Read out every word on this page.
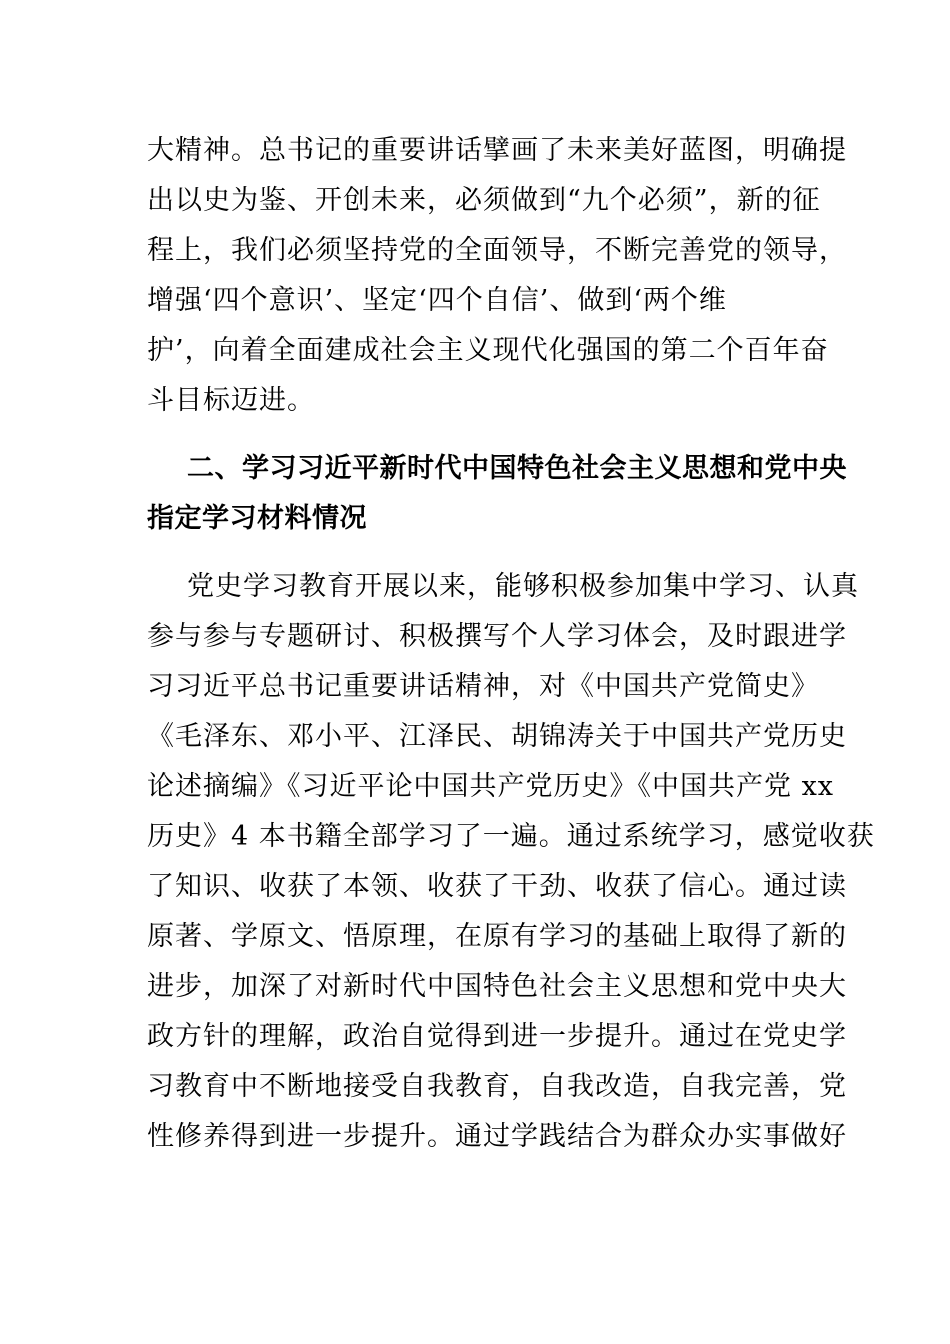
大精神。总书记的重要讲话擘画了未来美好蓝图，明确提

出以史为鉴、开创未来，必须做到“九个必须”，新的征

程上，我们必须坚持党的全面领导，不断完善党的领导，

增强‘四个意识’、坚定‘四个自信’、做到‘两个维

护’，向着全面建成社会主义现代化强国的第二个百年奋

斗目标迈进。

二、学习习近平新时代中国特色社会主义思想和党中央

指定学习材料情况

党史学习教育开展以来，能够积极参加集中学习、认真

参与参与专题研讨、积极撰写个人学习体会，及时跟进学

习习近平总书记重要讲话精神，对《中国共产党简史》

《毛泽东、邓小平、江泽民、胡锦涛关于中国共产党历史

论述摘编》《习近平论中国共产党历史》《中国共产党 xx

历史》4 本书籍全部学习了一遍。通过系统学习，感觉收获

了知识、收获了本领、收获了干劲、收获了信心。通过读

原著、学原文、悟原理，在原有学习的基础上取得了新的

进步，加深了对新时代中国特色社会主义思想和党中央大

政方针的理解，政治自觉得到进一步提升。通过在党史学

习教育中不断地接受自我教育，自我改造，自我完善，党

性修养得到进一步提升。通过学践结合为群众办实事做好
